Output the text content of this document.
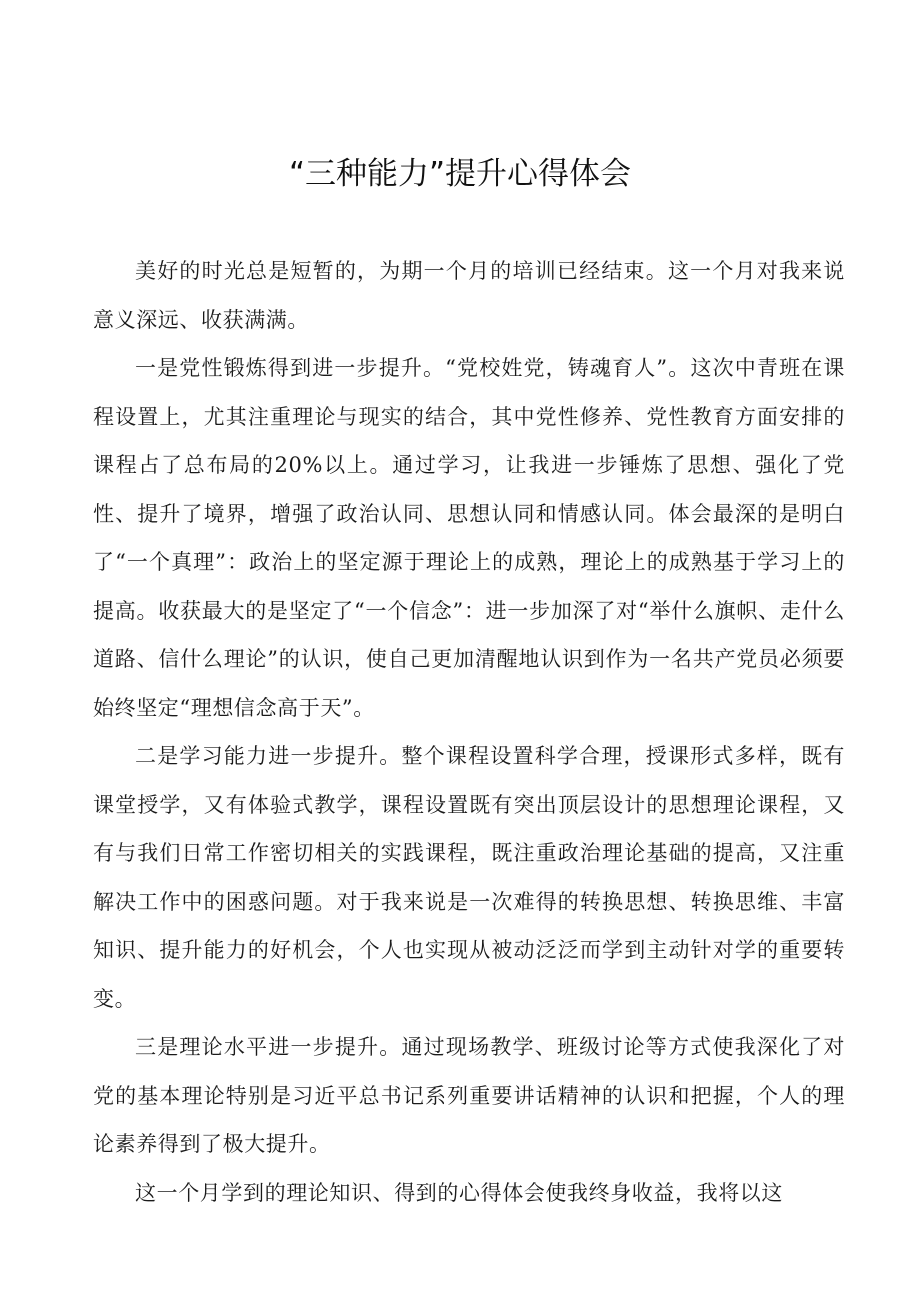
“三种能力”提升心得体会

美好的时光总是短暂的，为期一个月的培训已经结束。这一个月对我来说意义深远、收获满满。

一是党性锻炼得到进一步提升。“党校姓党，铸魂育人”。这次中青班在课程设置上，尤其注重理论与现实的结合，其中党性修养、党性教育方面安排的课程占了总布局的20%以上。通过学习，让我进一步锤炼了思想、强化了党性、提升了境界，增强了政治认同、思想认同和情感认同。体会最深的是明白了“一个真理”：政治上的坚定源于理论上的成熟，理论上的成熟基于学习上的提高。收获最大的是坚定了“一个信念”：进一步加深了对“举什么旗帜、走什么道路、信什么理论”的认识，使自己更加清醒地认识到作为一名共产党员必须要始终坚定“理想信念高于天”。

二是学习能力进一步提升。整个课程设置科学合理，授课形式多样，既有课堂授学，又有体验式教学，课程设置既有突出顶层设计的思想理论课程，又有与我们日常工作密切相关的实践课程，既注重政治理论基础的提高，又注重解决工作中的困惑问题。对于我来说是一次难得的转换思想、转换思维、丰富知识、提升能力的好机会，个人也实现从被动泛泛而学到主动针对学的重要转变。

三是理论水平进一步提升。通过现场教学、班级讨论等方式使我深化了对党的基本理论特别是习近平总书记系列重要讲话精神的认识和把握，个人的理论素养得到了极大提升。

这一个月学到的理论知识、得到的心得体会使我终身收益，我将以这
